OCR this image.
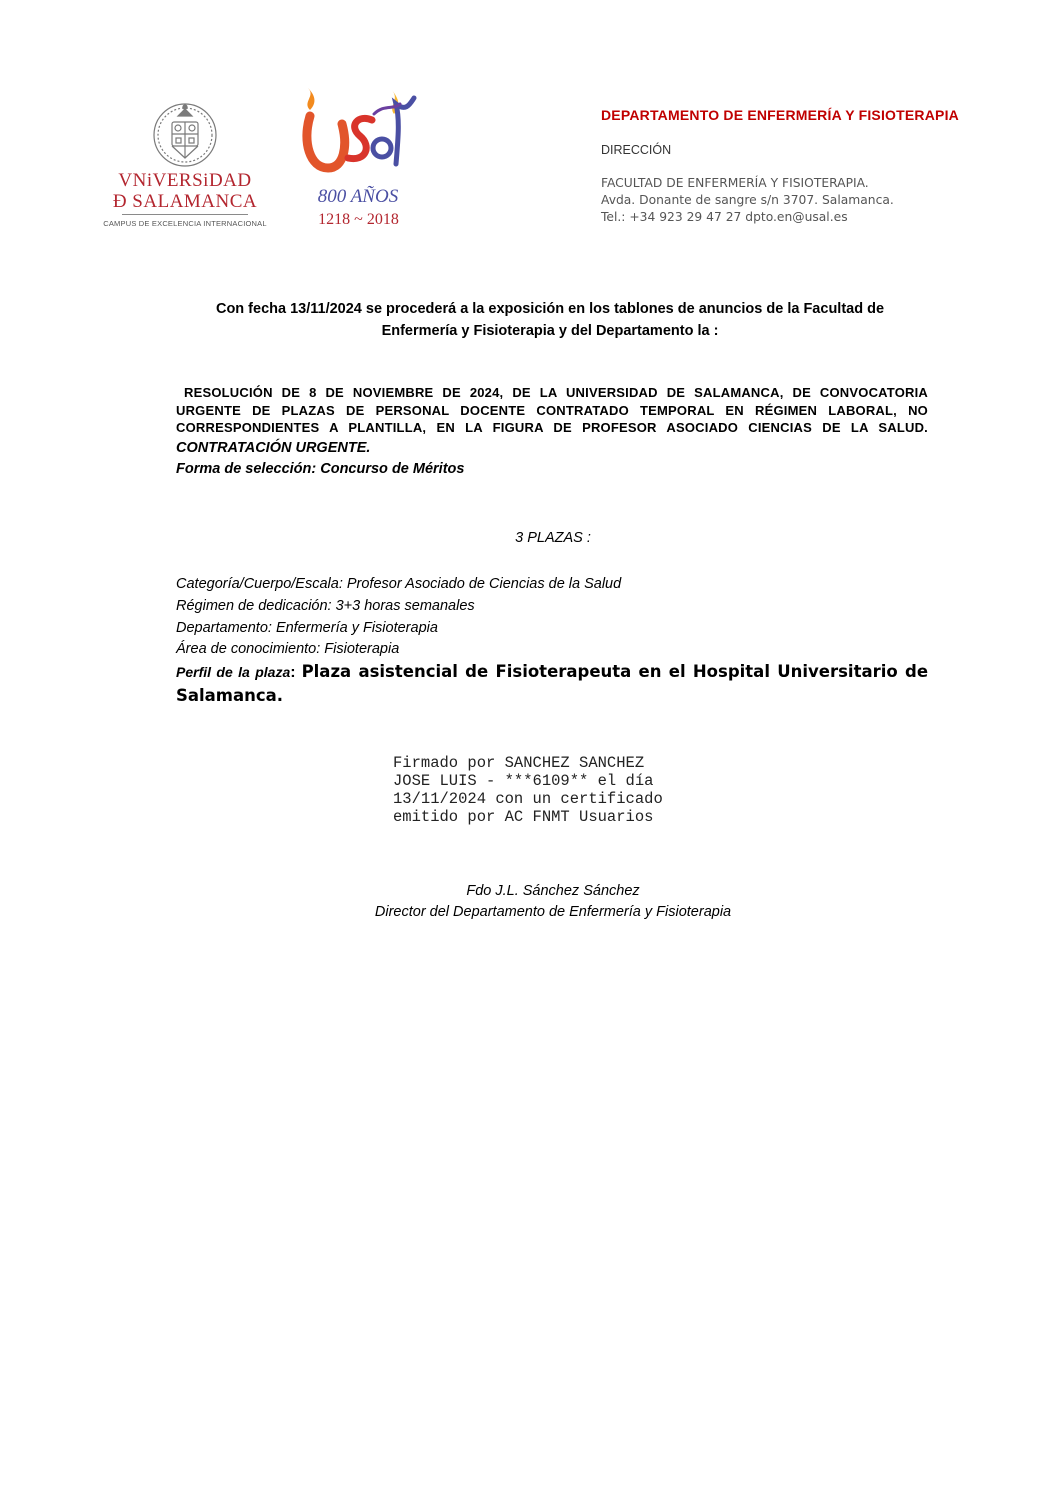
VNiVERSiDAD
Ð SALAMANCA
CAMPUS DE EXCELENCIA INTERNACIONAL
800 AÑOS
1218 ~ 2018
DEPARTAMENTO DE ENFERMERÍA Y FISIOTERAPIA
DIRECCIÓN
FACULTAD DE ENFERMERÍA Y FISIOTERAPIA.
Avda. Donante de sangre s/n 3707. Salamanca.
Tel.: +34 923 29 47 27 dpto.en@usal.es
Con fecha 13/11/2024 se procederá a la exposición en los tablones de anuncios de la Facultad de
Enfermería y Fisioterapia y del Departamento la :
RESOLUCIÓN DE 8 DE NOVIEMBRE DE 2024, DE LA UNIVERSIDAD DE SALAMANCA, DE CONVOCATORIA
URGENTE DE PLAZAS DE PERSONAL DOCENTE CONTRATADO TEMPORAL EN RÉGIMEN LABORAL, NO
CORRESPONDIENTES A PLANTILLA, EN LA FIGURA DE PROFESOR ASOCIADO CIENCIAS DE LA SALUD.
CONTRATACIÓN URGENTE.
Forma de selección: Concurso de Méritos
3 PLAZAS :
Categoría/Cuerpo/Escala: Profesor Asociado de Ciencias de la Salud
Régimen de dedicación: 3+3 horas semanales
Departamento: Enfermería y Fisioterapia
Área de conocimiento: Fisioterapia
Perfil de la plaza: Plaza asistencial de Fisioterapeuta en el Hospital Universitario de
Salamanca.
Firmado por SANCHEZ SANCHEZ
JOSE LUIS - ***6109** el día
13/11/2024 con un certificado
emitido por AC FNMT Usuarios
Fdo J.L. Sánchez Sánchez
Director del Departamento de Enfermería y Fisioterapia
